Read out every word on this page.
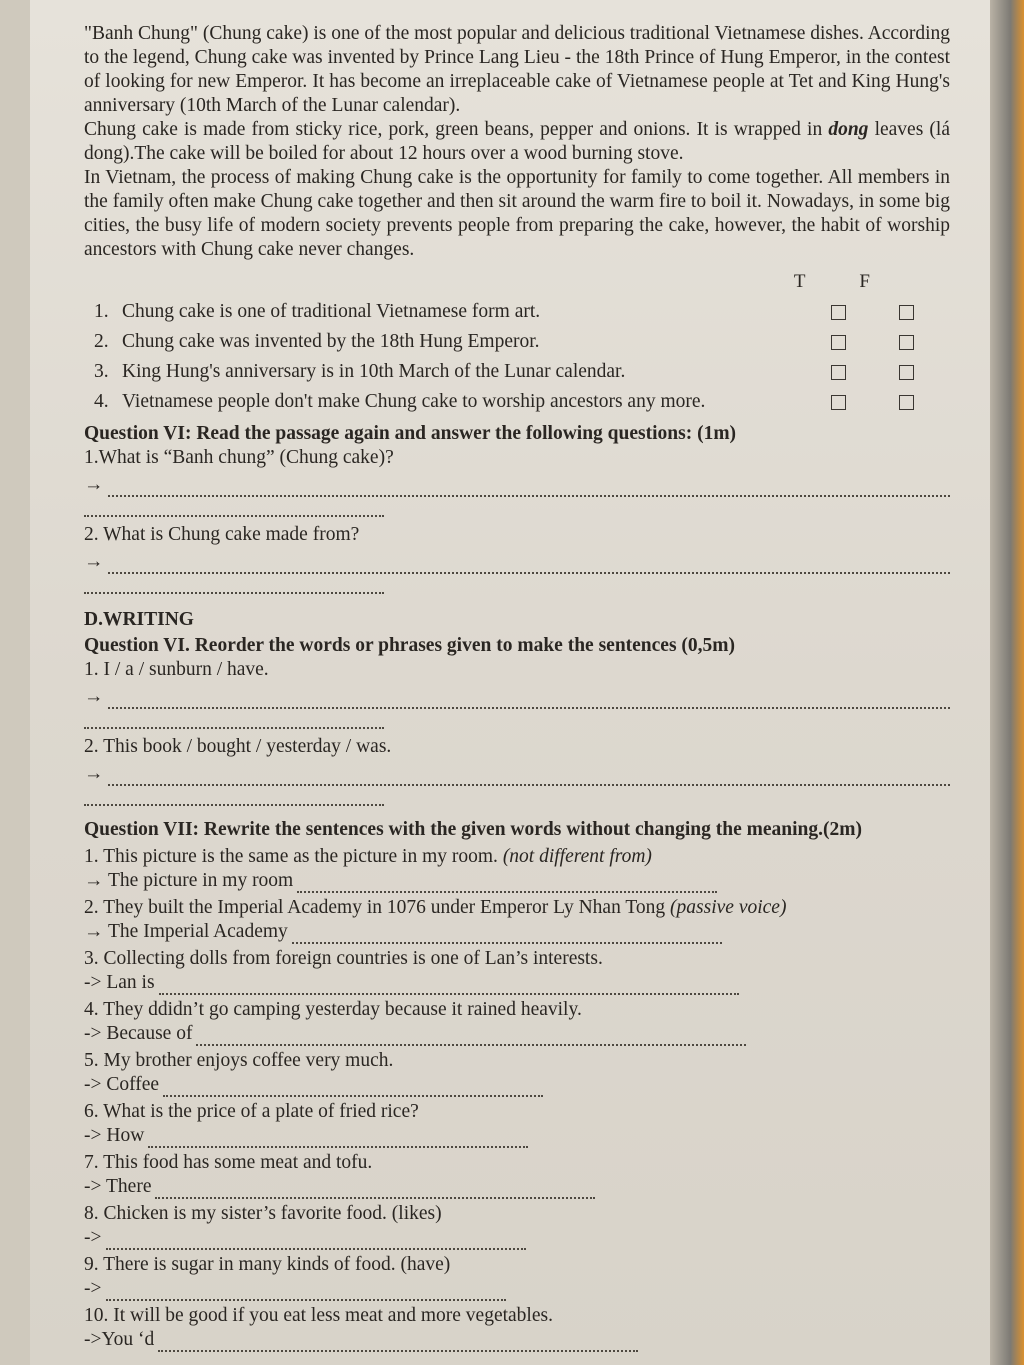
"Banh Chung" (Chung cake) is one of the most popular and delicious traditional Vietnamese dishes. According to the legend, Chung cake was invented by Prince Lang Lieu - the 18th Prince of Hung Emperor, in the contest of looking for new Emperor. It has become an irreplaceable cake of Vietnamese people at Tet and King Hung's anniversary (10th March of the Lunar calendar).

Chung cake is made from sticky rice, pork, green beans, pepper and onions. It is wrapped in dong leaves (lá dong).The cake will be boiled for about 12 hours over a wood burning stove.

In Vietnam, the process of making Chung cake is the opportunity for family to come together. All members in the family often make Chung cake together and then sit around the warm fire to boil it. Nowadays, in some big cities, the busy life of modern society prevents people from preparing the cake, however, the habit of worship ancestors with Chung cake never changes.

T	F
1. Chung cake is one of traditional Vietnamese form art.
2. Chung cake was invented by the 18th Hung Emperor.
3. King Hung's anniversary is in 10th March of the Lunar calendar.
4. Vietnamese people don't make Chung cake to worship ancestors any more.
Question VI: Read the passage again and answer the following questions: (1m)
1.What is “Banh chung” (Chung cake)?
→
2. What is Chung cake made from?
→
D.WRITING
Question VI. Reorder the words or phrases given to make the sentences (0,5m)
1. I / a / sunburn / have.
→
2. This book / bought / yesterday / was.
→
Question VII: Rewrite the sentences with the given words without changing the meaning.(2m)
1. This picture is the same as the picture in my room. (not different from)
→ The picture in my room
2. They built the Imperial Academy in 1076 under Emperor Ly Nhan Tong (passive voice)
→ The Imperial Academy
3. Collecting dolls from foreign countries is one of Lan’s interests.
-> Lan is
4. They ddidn’t go camping yesterday because it rained heavily.
-> Because of
5. My brother enjoys coffee very much.
-> Coffee
6. What is the price of a plate of fried rice?
-> How
7. This food has some meat and tofu.
-> There
8. Chicken is my sister’s favorite food. (likes)
->
9. There is sugar in many kinds of food. (have)
->
10. It will be good if you eat less meat and more vegetables.
->You ‘d
